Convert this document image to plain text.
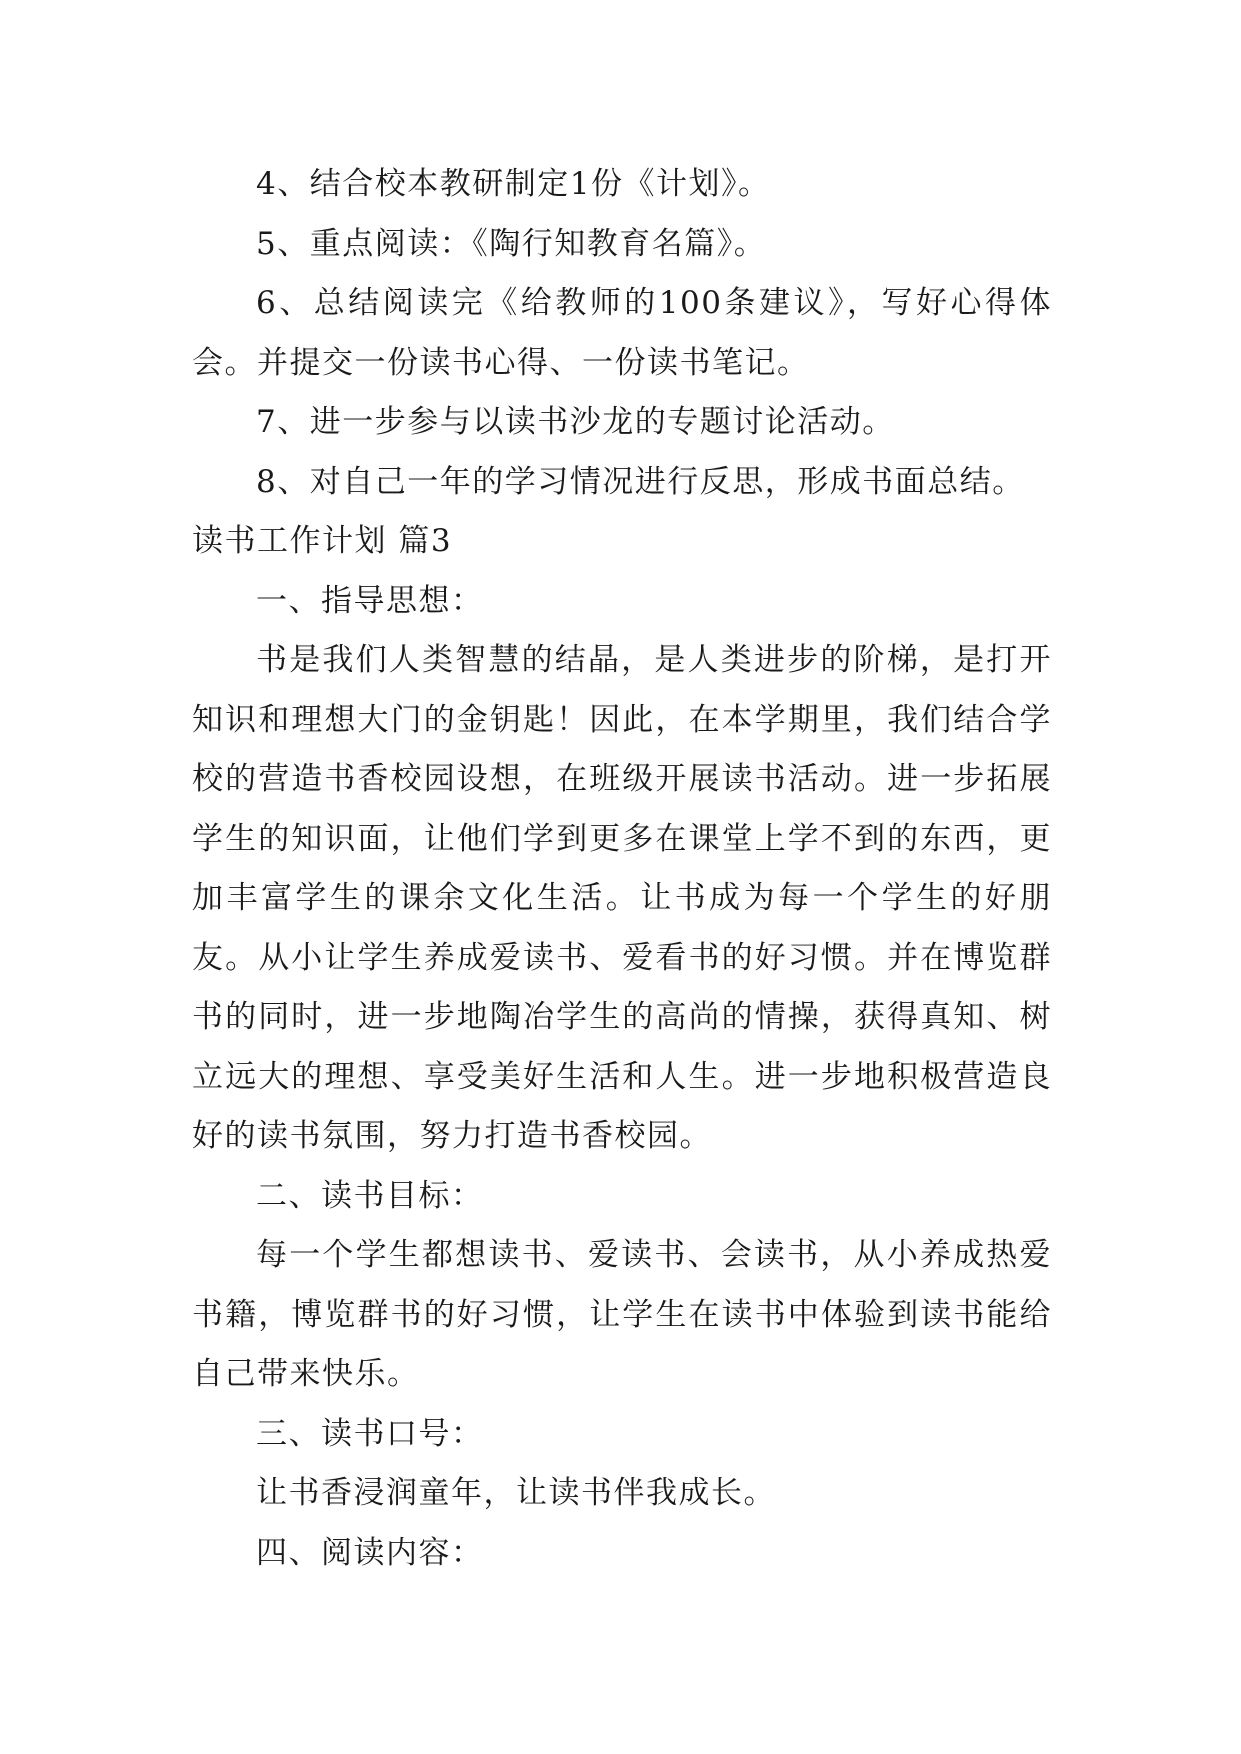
4、结合校本教研制定1份《计划》。

5、重点阅读：《陶行知教育名篇》。

6、总结阅读完《给教师的100条建议》，写好心得体会。并提交一份读书心得、一份读书笔记。

7、进一步参与以读书沙龙的专题讨论活动。

8、对自己一年的学习情况进行反思，形成书面总结。

读书工作计划 篇3

一、指导思想：

书是我们人类智慧的结晶，是人类进步的阶梯，是打开知识和理想大门的金钥匙！因此，在本学期里，我们结合学校的营造书香校园设想，在班级开展读书活动。进一步拓展学生的知识面，让他们学到更多在课堂上学不到的东西，更加丰富学生的课余文化生活。让书成为每一个学生的好朋友。从小让学生养成爱读书、爱看书的好习惯。并在博览群书的同时，进一步地陶冶学生的高尚的情操，获得真知、树立远大的理想、享受美好生活和人生。进一步地积极营造良好的读书氛围，努力打造书香校园。

二、读书目标：

每一个学生都想读书、爱读书、会读书，从小养成热爱书籍，博览群书的好习惯，让学生在读书中体验到读书能给自己带来快乐。

三、读书口号：

让书香浸润童年，让读书伴我成长。

四、阅读内容：
